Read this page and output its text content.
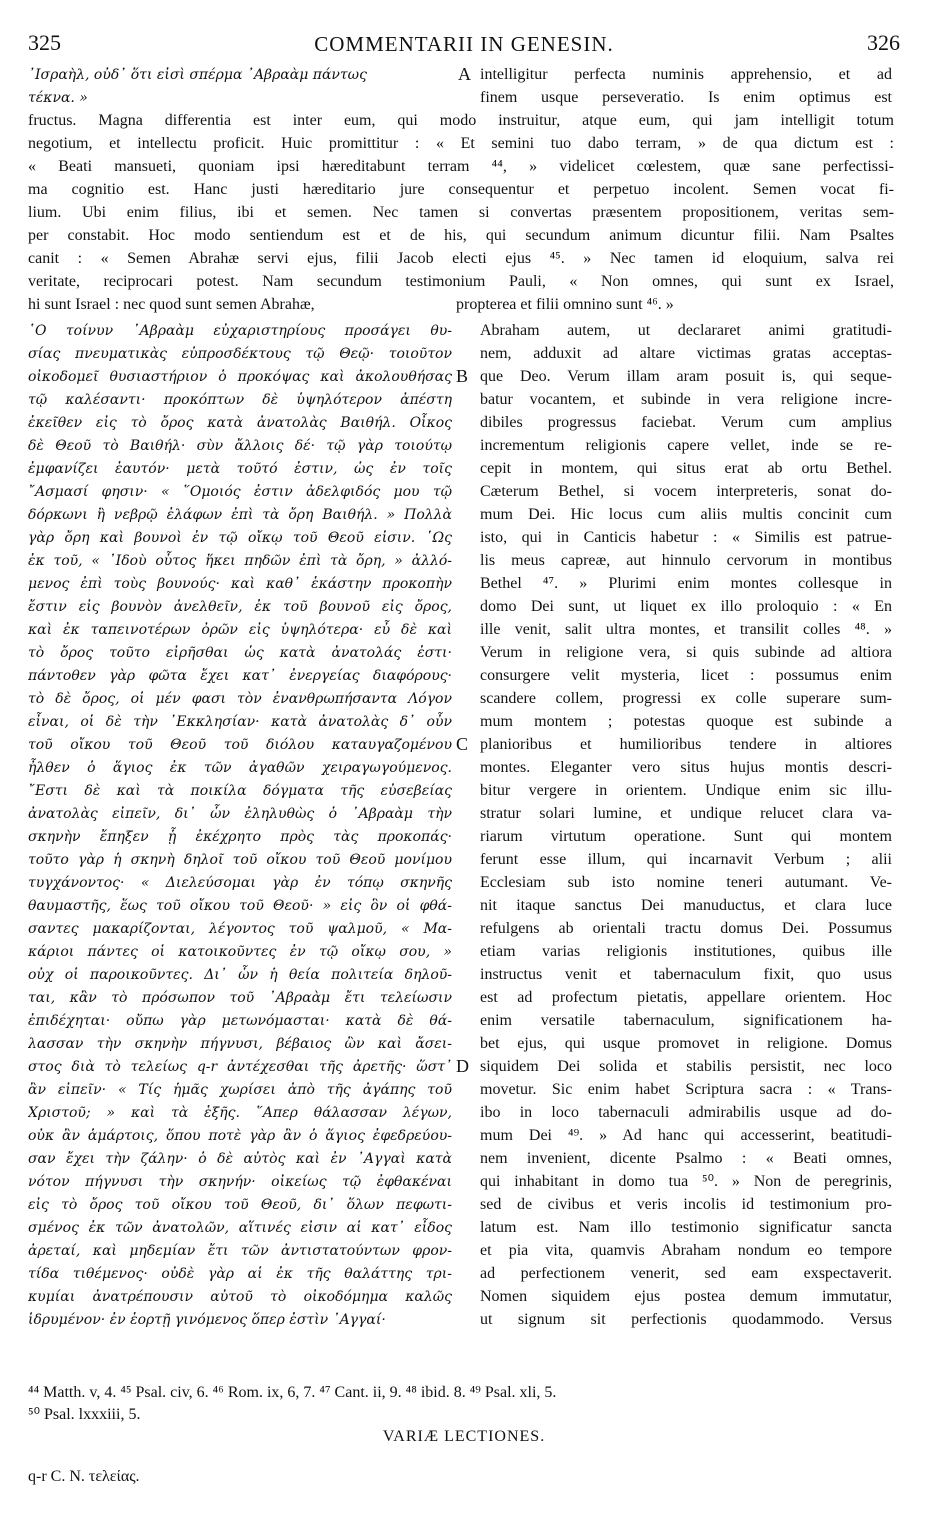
325	COMMENTARII IN GENESIN.	326
᾿Ισραὴλ, οὐδ᾿ ὅτι εἰσὶ σπέρμα ᾿Αβραὰμ πάντως	intelligitur perfecta numinis apprehensio, et ad
τέκνα. »	finem usque perseveratio. Is enim optimus est
A
fructus. Magna differentia est inter eum, qui modo instruitur, atque eum, qui jam intelligit totum
negotium, et intellectu proficit. Huic promittitur : « Et semini tuo dabo terram, » de qua dictum est :
« Beati mansueti, quoniam ipsi hæreditabunt terram ⁴⁴, » videlicet cœlestem, quæ sane perfectissi-
ma cognitio est. Hanc justi hæreditario jure consequentur et perpetuo incolent. Semen vocat fi-
lium. Ubi enim filius, ibi et semen. Nec tamen si convertas præsentem propositionem, veritas sem-
per constabit. Hoc modo sentiendum est et de his, qui secundum animum dicuntur filii. Nam Psaltes
canit : « Semen Abrahæ servi ejus, filii Jacob electi ejus ⁴⁵. » Nec tamen id eloquium, salva rei
veritate, reciprocari potest. Nam secundum testimonium Pauli, « Non omnes, qui sunt ex Israel,
hi sunt Israel : nec quod sunt semen Abrahæ,	propterea et filii omnino sunt ⁴⁶. »
῾Ο τοίνυν ᾿Αβραὰμ εὐχαριστηρίους προσάγει θυ-
σίας πνευματικὰς εὐπροσδέκτους τῷ Θεῷ· τοιοῦτον
οἰκοδομεῖ θυσιαστήριον ὁ προκόψας καὶ ἀκολουθήσας
τῷ καλέσαντι· προκόπτων δὲ ὑψηλότερον ἀπέστη
ἐκεῖθεν εἰς τὸ ὄρος κατὰ ἀνατολὰς Βαιθήλ. Οἶκος
δὲ Θεοῦ τὸ Βαιθήλ· σὺν ἄλλοις δέ· τῷ γὰρ τοιούτῳ
ἐμφανίζει ἑαυτόν· μετὰ τοῦτό ἐστιν, ὡς ἐν τοῖς
῎Ασμασί φησιν· « ῞Ομοιός ἐστιν ἀδελφιδός μου τῷ
δόρκωνι ἢ νεβρῷ ἐλάφων ἐπὶ τὰ ὄρη Βαιθήλ. » Πολλὰ
γὰρ ὄρη καὶ βουνοὶ ἐν τῷ οἴκῳ τοῦ Θεοῦ εἰσιν. ῾Ως
ἐκ τοῦ, « ᾿Ιδοὺ οὗτος ἥκει πηδῶν ἐπὶ τὰ ὄρη, » ἀλλό-
μενος ἐπὶ τοὺς βουνούς· καὶ καθ᾿ ἑκάστην προκοπὴν
ἔστιν εἰς βουνὸν ἀνελθεῖν, ἐκ τοῦ βουνοῦ εἰς ὄρος,
καὶ ἐκ ταπεινοτέρων ὀρῶν εἰς ὑψηλότερα· εὖ δὲ καὶ
τὸ ὄρος τοῦτο εἰρῆσθαι ὡς κατὰ ἀνατολάς ἐστι·
πάντοθεν γὰρ φῶτα ἔχει κατ᾿ ἐνεργείας διαφόρους·
τὸ δὲ ὄρος, οἱ μέν φασι τὸν ἐνανθρωπήσαντα Λόγον
εἶναι, οἱ δὲ τὴν ᾿Εκκλησίαν· κατὰ ἀνατολὰς δ᾿ οὖν
τοῦ οἴκου τοῦ Θεοῦ τοῦ διόλου καταυγαζομένου
ἦλθεν ὁ ἅγιος ἐκ τῶν ἀγαθῶν χειραγωγούμενος.
῎Εστι δὲ καὶ τὰ ποικίλα δόγματα τῆς εὐσεβείας
ἀνατολὰς εἰπεῖν, δι᾿ ὧν ἐληλυθὼς ὁ ᾿Αβραὰμ τὴν
σκηνὴν ἔπηξεν ᾗ ἐκέχρητο πρὸς τὰς προκοπάς·
τοῦτο γὰρ ἡ σκηνὴ δηλοῖ τοῦ οἴκου τοῦ Θεοῦ μονίμου
τυγχάνοντος· « Διελεύσομαι γὰρ ἐν τόπῳ σκηνῆς
θαυμαστῆς, ἕως τοῦ οἴκου τοῦ Θεοῦ· » εἰς ὃν οἱ φθά-
σαντες μακαρίζονται, λέγοντος τοῦ ψαλμοῦ, « Μα-
κάριοι πάντες οἱ κατοικοῦντες ἐν τῷ οἴκῳ σου, »
οὐχ οἱ παροικοῦντες. Δι᾿ ὧν ἡ θεία πολιτεία δηλοῦ-
ται, κἂν τὸ πρόσωπον τοῦ ᾿Αβραὰμ ἔτι τελείωσιν
ἐπιδέχηται· οὔπω γὰρ μετωνόμασται· κατὰ δὲ θά-
λασσαν τὴν σκηνὴν πήγνυσι, βέβαιος ὢν καὶ ἄσει-
στος διὰ τὸ τελείως q-r ἀντέχεσθαι τῆς ἀρετῆς· ὥστ᾿
ἂν εἰπεῖν· « Τίς ἡμᾶς χωρίσει ἀπὸ τῆς ἀγάπης τοῦ
Χριστοῦ; » καὶ τὰ ἑξῆς. ῞Απερ θάλασσαν λέγων,
οὐκ ἂν ἁμάρτοις, ὅπου ποτὲ γὰρ ἂν ὁ ἅγιος ἐφεδρεύου-
σαν ἔχει τὴν ζάλην· ὁ δὲ αὐτὸς καὶ ἐν ᾿Αγγαὶ κατὰ
νότον πήγνυσι τὴν σκηνήν· οἰκείως τῷ ἐφθακέναι
εἰς τὸ ὄρος τοῦ οἴκου τοῦ Θεοῦ, δι᾿ ὅλων πεφωτι-
σμένος ἐκ τῶν ἀνατολῶν, αἵτινές εἰσιν αἱ κατ᾿ εἶδος
ἀρεταί, καὶ μηδεμίαν ἔτι τῶν ἀντιστατούντων φρον-
τίδα τιθέμενος· οὐδὲ γὰρ αἱ ἐκ τῆς θαλάττης τρι-
κυμίαι ἀνατρέπουσιν αὐτοῦ τὸ οἰκοδόμημα καλῶς
ἱδρυμένον· ἐν ἑορτῇ γινόμενος ὅπερ ἐστὶν ᾿Αγγαί·
B
C
D
Abraham autem, ut declararet animi gratitudi-
nem, adduxit ad altare victimas gratas acceptas-
que Deo. Verum illam aram posuit is, qui seque-
batur vocantem, et subinde in vera religione incre-
dibiles progressus faciebat. Verum cum amplius
incrementum religionis capere vellet, inde se re-
cepit in montem, qui situs erat ab ortu Bethel.
Cæterum Bethel, si vocem interpreteris, sonat do-
mum Dei. Hic locus cum aliis multis concinit cum
isto, qui in Canticis habetur : « Similis est patrue-
lis meus capreæ, aut hinnulo cervorum in montibus
Bethel ⁴⁷. » Plurimi enim montes collesque in
domo Dei sunt, ut liquet ex illo proloquio : « En
ille venit, salit ultra montes, et transilit colles ⁴⁸. »
Verum in religione vera, si quis subinde ad altiora
consurgere velit mysteria, licet : possumus enim
scandere collem, progressi ex colle superare sum-
mum montem ; potestas quoque est subinde a
planioribus et humilioribus tendere in altiores
montes. Eleganter vero situs hujus montis descri-
bitur vergere in orientem. Undique enim sic illu-
stratur solari lumine, et undique relucet clara va-
riarum virtutum operatione. Sunt qui montem
ferunt esse illum, qui incarnavit Verbum ; alii
Ecclesiam sub isto nomine teneri autumant. Ve-
nit itaque sanctus Dei manuductus, et clara luce
refulgens ab orientali tractu domus Dei. Possumus
etiam varias religionis institutiones, quibus ille
instructus venit et tabernaculum fixit, quo usus
est ad profectum pietatis, appellare orientem. Hoc
enim versatile tabernaculum, significationem ha-
bet ejus, qui usque promovet in religione. Domus
siquidem Dei solida et stabilis persistit, nec loco
movetur. Sic enim habet Scriptura sacra : « Trans-
ibo in loco tabernaculi admirabilis usque ad do-
mum Dei ⁴⁹. » Ad hanc qui accesserint, beatitudi-
nem invenient, dicente Psalmo : « Beati omnes,
qui inhabitant in domo tua ⁵⁰. » Non de peregrinis,
sed de civibus et veris incolis id testimonium pro-
latum est. Nam illo testimonio significatur sancta
et pia vita, quamvis Abraham nondum eo tempore
ad perfectionem venerit, sed eam exspectaverit.
Nomen siquidem ejus postea demum immutatur,
ut signum sit perfectionis quodammodo. Versus
⁴⁴ Matth. v, 4. ⁴⁵ Psal. civ, 6. ⁴⁶ Rom. ix, 6, 7. ⁴⁷ Cant. ii, 9. ⁴⁸ ibid. 8. ⁴⁹ Psal. xli, 5.
⁵⁰ Psal. lxxxiii, 5.
VARIÆ LECTIONES.
q-r C. N. τελείας.
